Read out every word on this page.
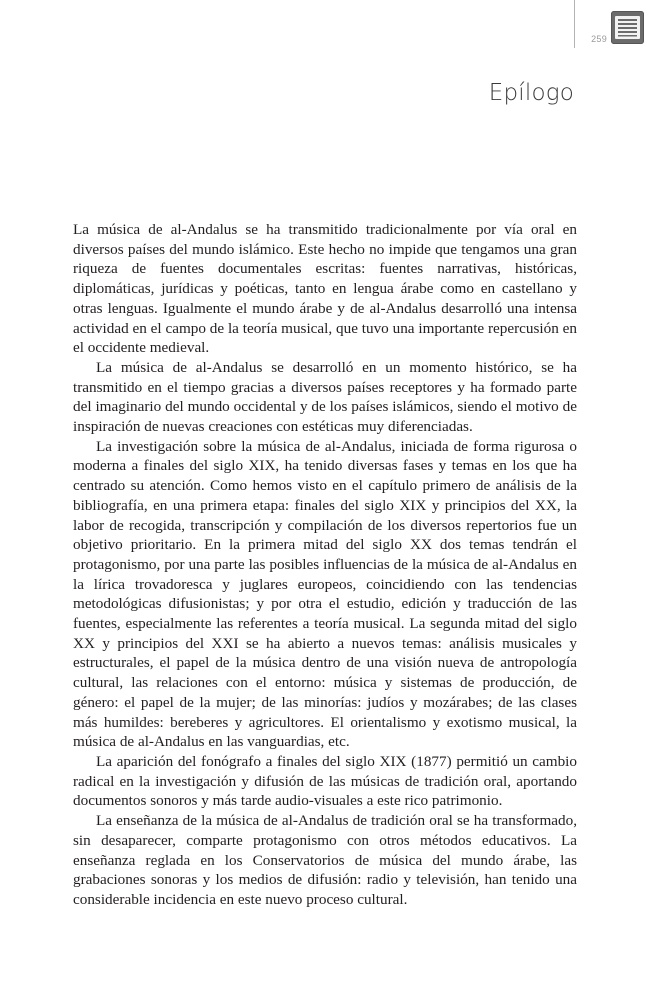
259
Epílogo

La música de al-Andalus se ha transmitido tradicionalmente por vía oral en diversos países del mundo islámico. Este hecho no impide que tengamos una gran riqueza de fuentes documentales escritas: fuentes narrativas, históricas, diplomáticas, jurídicas y poéticas, tanto en lengua árabe como en castellano y otras lenguas. Igualmente el mundo árabe y de al-Andalus desarrolló una intensa actividad en el campo de la teoría musical, que tuvo una importante repercusión en el occidente medieval.

La música de al-Andalus se desarrolló en un momento histórico, se ha transmitido en el tiempo gracias a diversos países receptores y ha formado parte del imaginario del mundo occidental y de los países islámicos, siendo el motivo de inspiración de nuevas creaciones con estéticas muy diferenciadas.

La investigación sobre la música de al-Andalus, iniciada de forma rigurosa o moderna a finales del siglo XIX, ha tenido diversas fases y temas en los que ha centrado su atención. Como hemos visto en el capítulo primero de análisis de la bibliografía, en una primera etapa: finales del siglo XIX y principios del XX, la labor de recogida, transcripción y compilación de los diversos repertorios fue un objetivo prioritario. En la primera mitad del siglo XX dos temas tendrán el protagonismo, por una parte las posibles influencias de la música de al-Andalus en la lírica trovadoresca y juglares europeos, coincidiendo con las tendencias metodológicas difusionistas; y por otra el estudio, edición y traducción de las fuentes, especialmente las referentes a teoría musical. La segunda mitad del siglo XX y principios del XXI se ha abierto a nuevos temas: análisis musicales y estructurales, el papel de la música dentro de una visión nueva de antropología cultural, las relaciones con el entorno: música y sistemas de producción, de género: el papel de la mujer; de las minorías: judíos y mozárabes; de las clases más humildes: bereberes y agricultores. El orientalismo y exotismo musical, la música de al-Andalus en las vanguardias, etc.

La aparición del fonógrafo a finales del siglo XIX (1877) permitió un cambio radical en la investigación y difusión de las músicas de tradición oral, aportando documentos sonoros y más tarde audio-visuales a este rico patrimonio.

La enseñanza de la música de al-Andalus de tradición oral se ha transformado, sin desaparecer, comparte protagonismo con otros métodos educativos. La enseñanza reglada en los Conservatorios de música del mundo árabe, las grabaciones sonoras y los medios de difusión: radio y televisión, han tenido una considerable incidencia en este nuevo proceso cultural.
